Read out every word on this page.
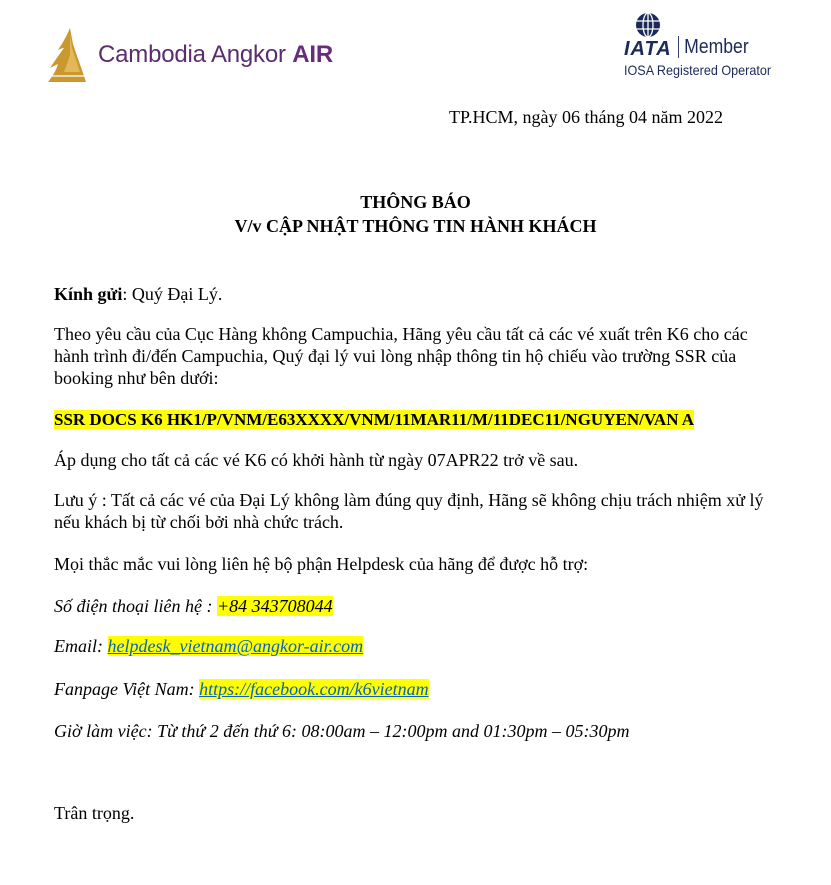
Cambodia Angkor AIR	IATA Member
IOSA Registered Operator
TP.HCM, ngày 06 tháng 04 năm 2022
THÔNG BÁO
V/v CẬP NHẬT THÔNG TIN HÀNH KHÁCH
Kính gửi: Quý Đại Lý.
Theo yêu cầu của Cục Hàng không Campuchia, Hãng yêu cầu tất cả các vé xuất trên K6 cho các hành trình đi/đến Campuchia, Quý đại lý vui lòng nhập thông tin hộ chiếu vào trường SSR của booking như bên dưới:
SSR DOCS K6 HK1/P/VNM/E63XXXX/VNM/11MAR11/M/11DEC11/NGUYEN/VAN A
Áp dụng cho tất cả các vé K6 có khởi hành từ ngày 07APR22 trở về sau.
Lưu ý : Tất cả các vé của Đại Lý không làm đúng quy định, Hãng sẽ không chịu trách nhiệm xử lý nếu khách bị từ chối bởi nhà chức trách.
Mọi thắc mắc vui lòng liên hệ bộ phận Helpdesk của hãng để được hỗ trợ:
Số điện thoại liên hệ : +84 343708044
Email: helpdesk_vietnam@angkor-air.com
Fanpage Việt Nam: https://facebook.com/k6vietnam
Giờ làm việc: Từ thứ 2 đến thứ 6: 08:00am – 12:00pm and 01:30pm – 05:30pm
Trân trọng.
